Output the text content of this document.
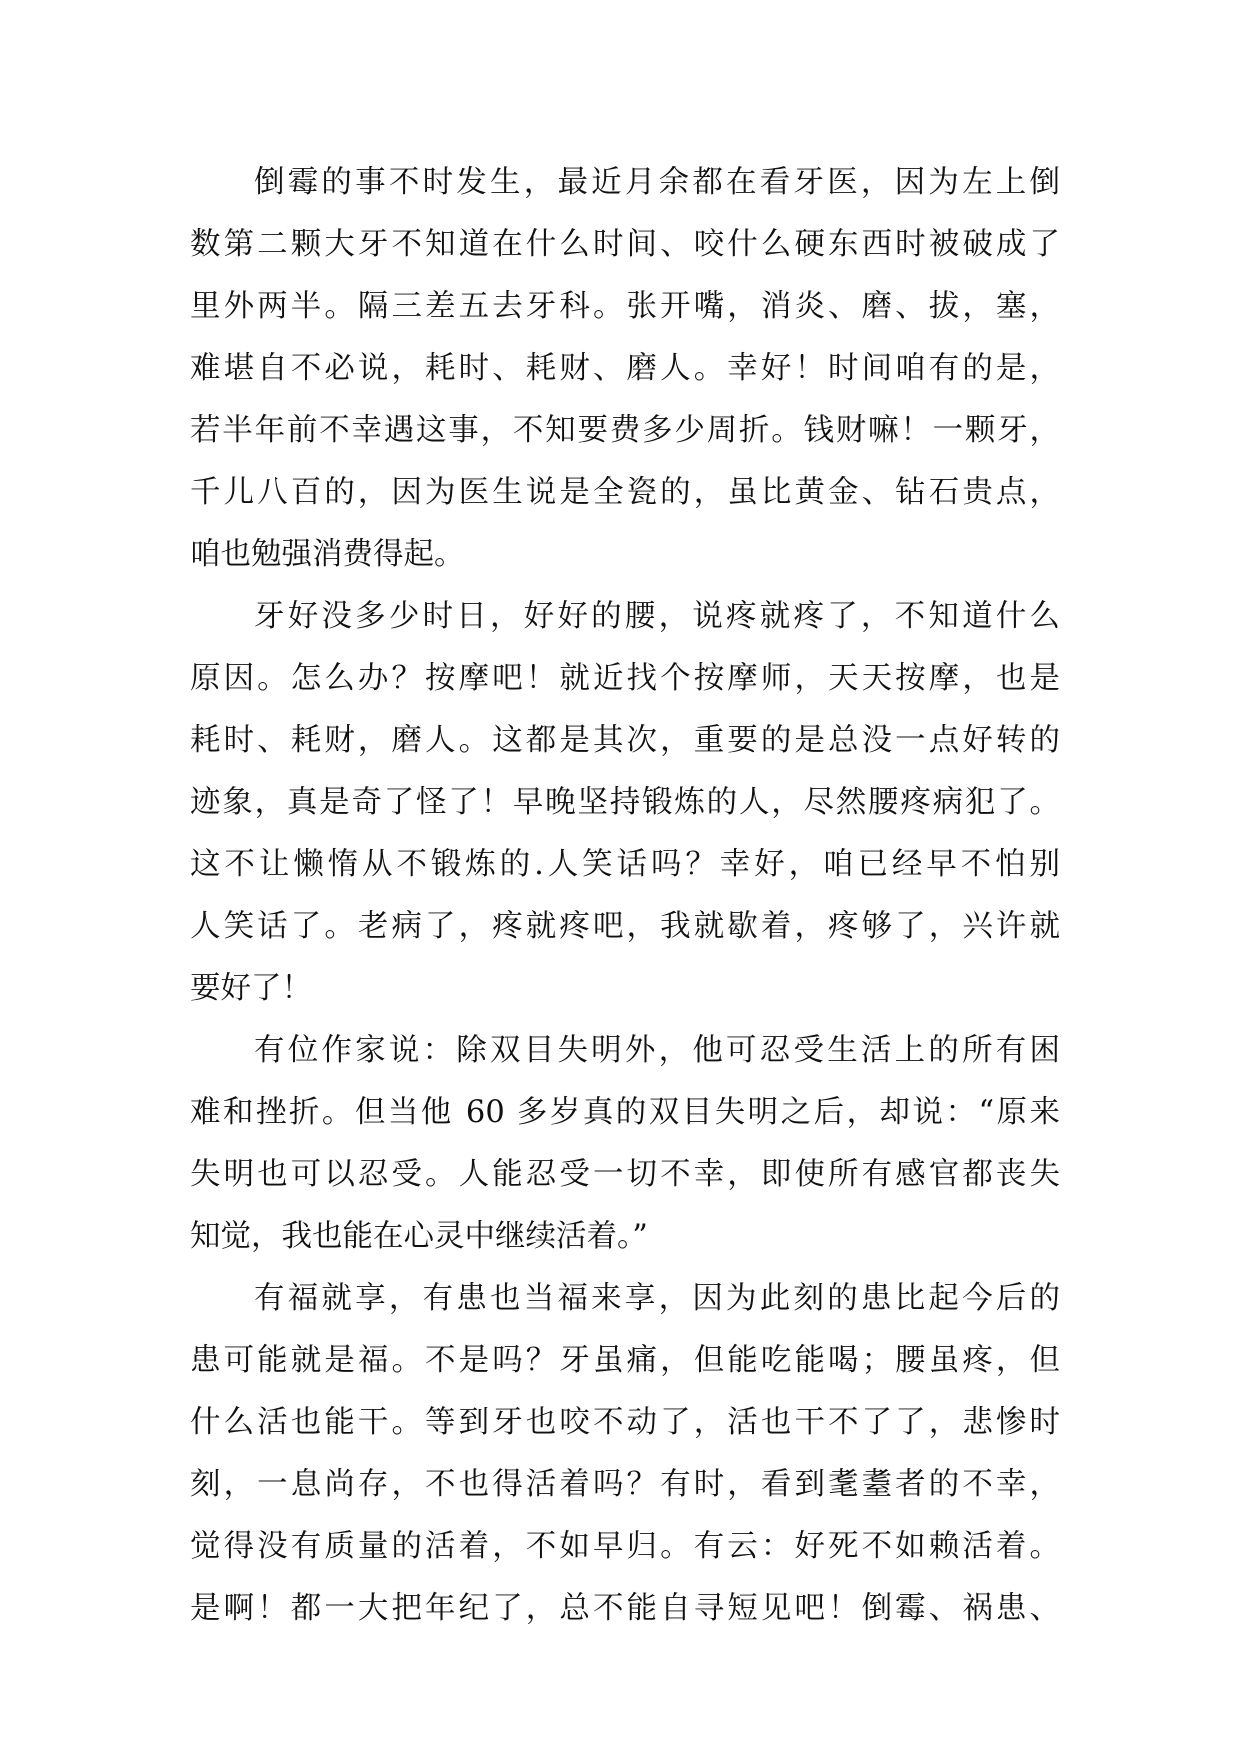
倒霉的事不时发生，最近月余都在看牙医，因为左上倒
数第二颗大牙不知道在什么时间、咬什么硬东西时被破成了
里外两半。隔三差五去牙科。张开嘴，消炎、磨、拔，塞，
难堪自不必说，耗时、耗财、磨人。幸好！时间咱有的是，
若半年前不幸遇这事，不知要费多少周折。钱财嘛！一颗牙，
千儿八百的，因为医生说是全瓷的，虽比黄金、钻石贵点，
咱也勉强消费得起。
牙好没多少时日，好好的腰，说疼就疼了，不知道什么
原因。怎么办？按摩吧！就近找个按摩师，天天按摩，也是
耗时、耗财，磨人。这都是其次，重要的是总没一点好转的
迹象，真是奇了怪了！早晚坚持锻炼的人，尽然腰疼病犯了。
这不让懒惰从不锻炼的.人笑话吗？幸好，咱已经早不怕别
人笑话了。老病了，疼就疼吧，我就歇着，疼够了，兴许就
要好了！
有位作家说：除双目失明外，他可忍受生活上的所有困
难和挫折。但当他 60 多岁真的双目失明之后，却说：“原来
失明也可以忍受。人能忍受一切不幸，即使所有感官都丧失
知觉，我也能在心灵中继续活着。”
有福就享，有患也当福来享，因为此刻的患比起今后的
患可能就是福。不是吗？牙虽痛，但能吃能喝；腰虽疼，但
什么活也能干。等到牙也咬不动了，活也干不了了，悲惨时
刻，一息尚存，不也得活着吗？有时，看到耄耋者的不幸，
觉得没有质量的活着，不如早归。有云：好死不如赖活着。
是啊！都一大把年纪了，总不能自寻短见吧！倒霉、祸患、
